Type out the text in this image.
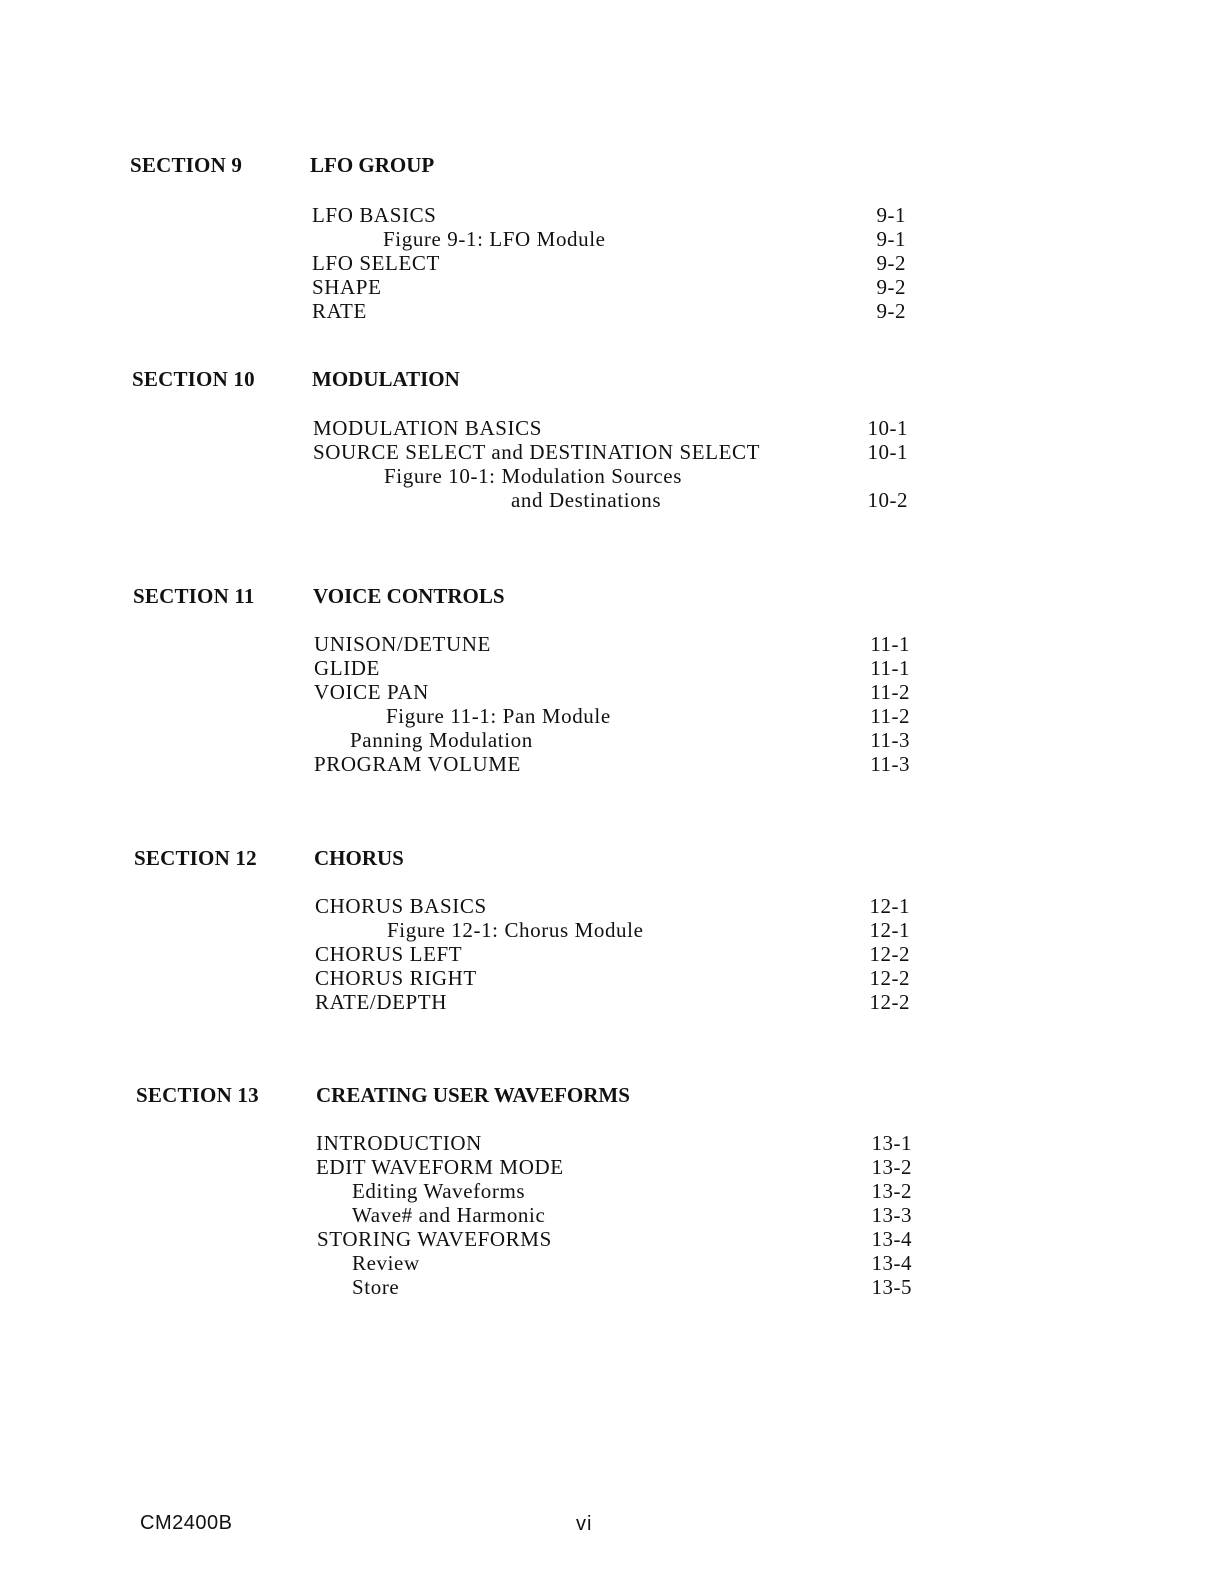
SECTION 9	LFO GROUP
LFO BASICS	9-1
Figure 9-1: LFO Module	9-1
LFO SELECT	9-2
SHAPE	9-2
RATE	9-2
SECTION 10	MODULATION
MODULATION BASICS	10-1
SOURCE SELECT and DESTINATION SELECT	10-1
Figure 10-1: Modulation Sources
and Destinations	10-2
SECTION 11	VOICE CONTROLS
UNISON/DETUNE	11-1
GLIDE	11-1
VOICE PAN	11-2
Figure 11-1: Pan Module	11-2
Panning Modulation	11-3
PROGRAM VOLUME	11-3
SECTION 12	CHORUS
CHORUS BASICS	12-1
Figure 12-1: Chorus Module	12-1
CHORUS LEFT	12-2
CHORUS RIGHT	12-2
RATE/DEPTH	12-2
SECTION 13	CREATING USER WAVEFORMS
INTRODUCTION	13-1
EDIT WAVEFORM MODE	13-2
Editing Waveforms	13-2
Wave# and Harmonic	13-3
STORING WAVEFORMS	13-4
Review	13-4
Store	13-5
CM2400B	vi
